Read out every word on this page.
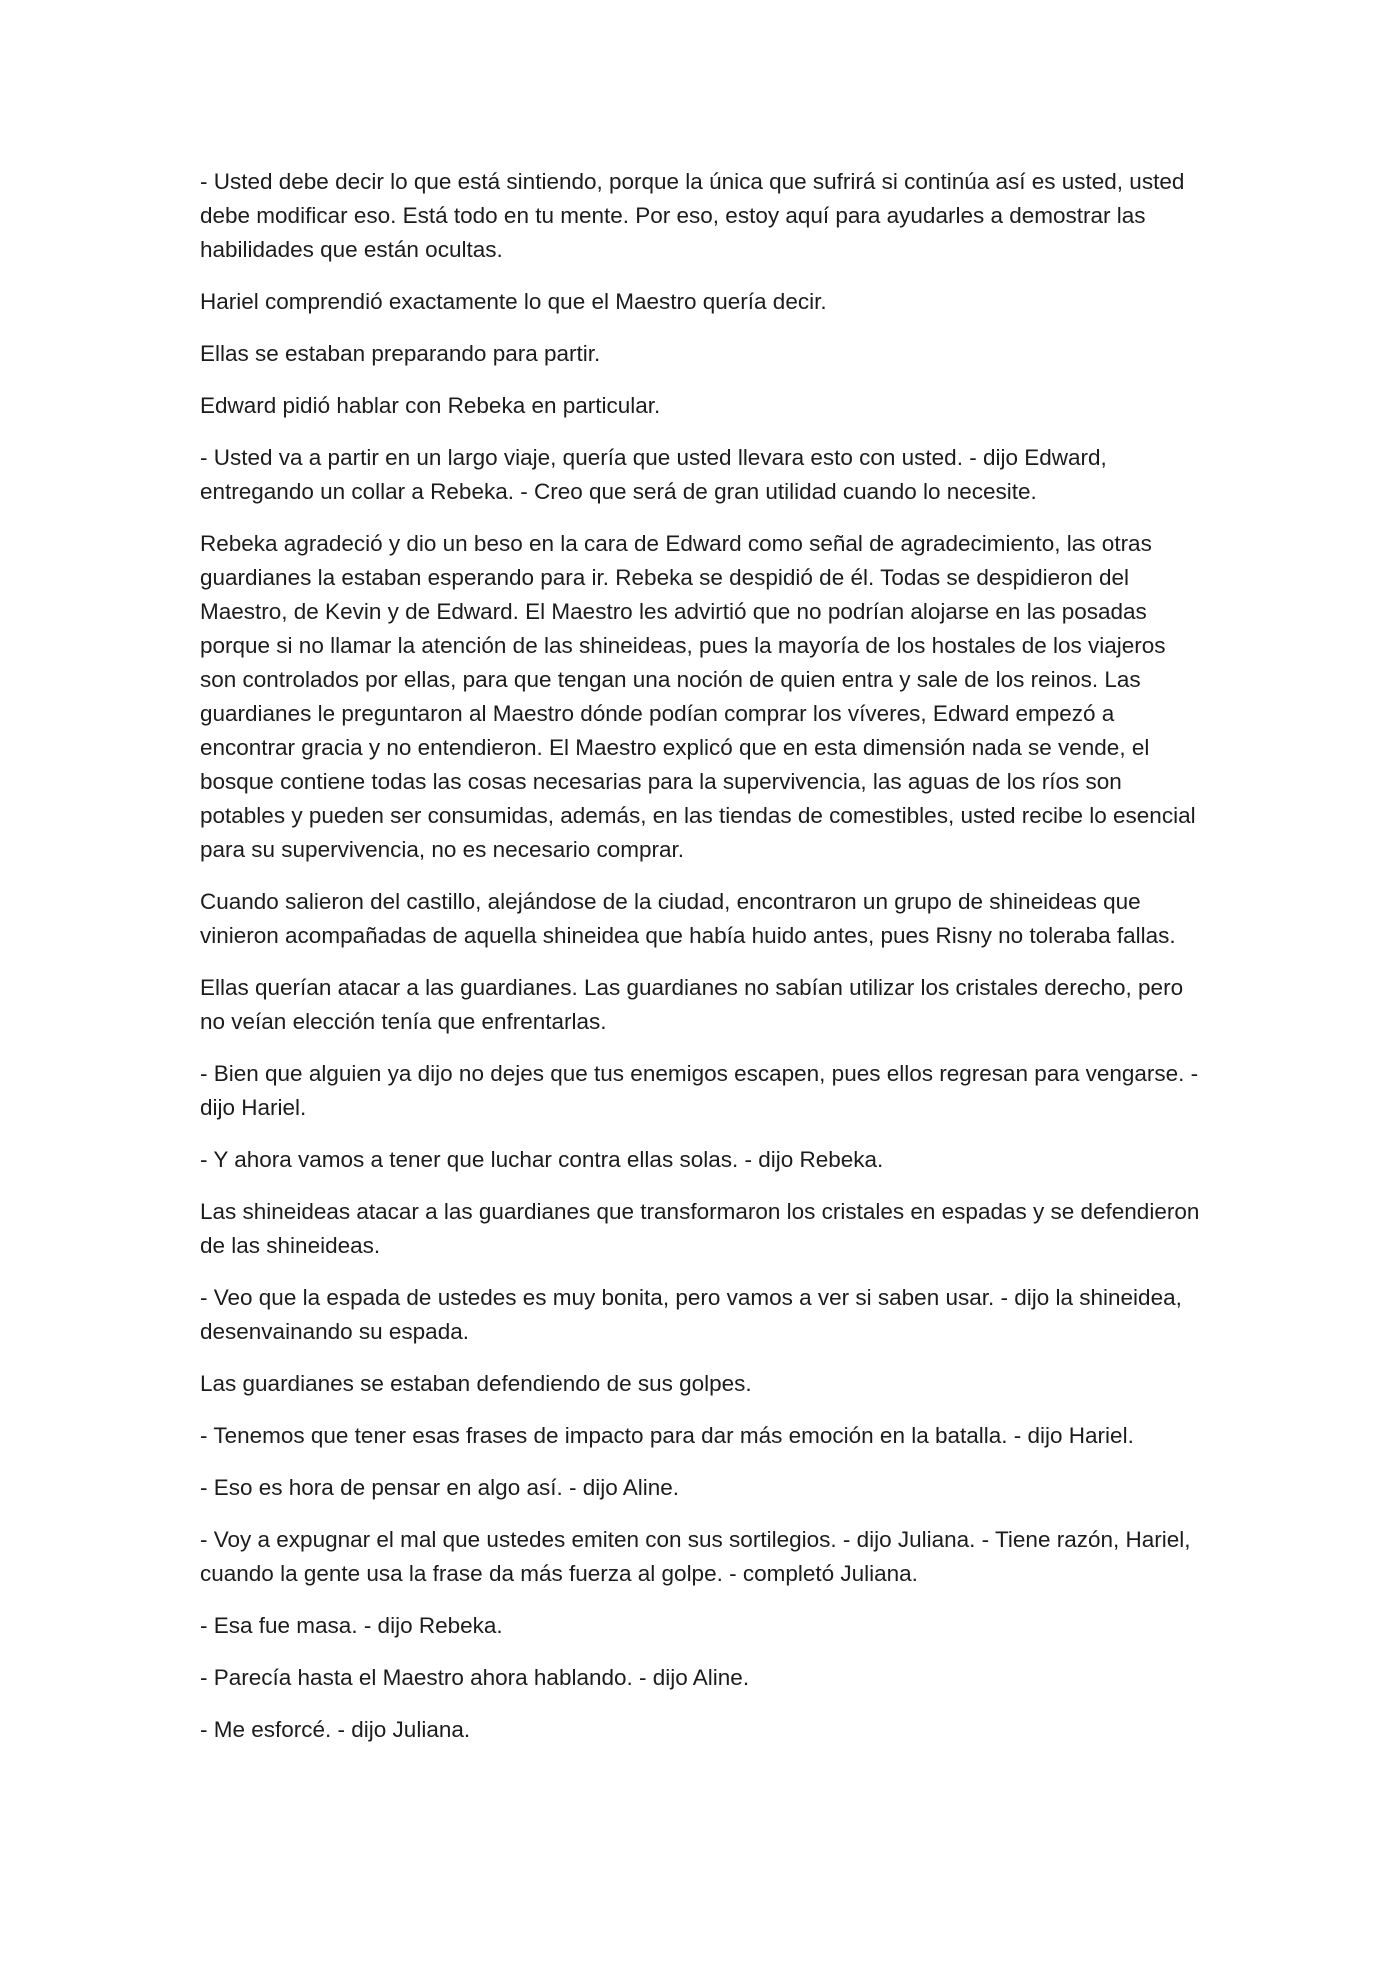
- Usted debe decir lo que está sintiendo, porque la única que sufrirá si continúa así es usted, usted debe modificar eso. Está todo en tu mente. Por eso, estoy aquí para ayudarles a demostrar las habilidades que están ocultas.

Hariel comprendió exactamente lo que el Maestro quería decir.

Ellas se estaban preparando para partir.

Edward pidió hablar con Rebeka en particular.

- Usted va a partir en un largo viaje, quería que usted llevara esto con usted. - dijo Edward, entregando un collar a Rebeka. - Creo que será de gran utilidad cuando lo necesite.

Rebeka agradeció y dio un beso en la cara de Edward como señal de agradecimiento, las otras guardianes la estaban esperando para ir. Rebeka se despidió de él. Todas se despidieron del Maestro, de Kevin y de Edward. El Maestro les advirtió que no podrían alojarse en las posadas porque si no llamar la atención de las shineideas, pues la mayoría de los hostales de los viajeros son controlados por ellas, para que tengan una noción de quien entra y sale de los reinos. Las guardianes le preguntaron al Maestro dónde podían comprar los víveres, Edward empezó a encontrar gracia y no entendieron. El Maestro explicó que en esta dimensión nada se vende, el bosque contiene todas las cosas necesarias para la supervivencia, las aguas de los ríos son potables y pueden ser consumidas, además, en las tiendas de comestibles, usted recibe lo esencial para su supervivencia, no es necesario comprar.

Cuando salieron del castillo, alejándose de la ciudad, encontraron un grupo de shineideas que vinieron acompañadas de aquella shineidea que había huido antes, pues Risny no toleraba fallas.

Ellas querían atacar a las guardianes. Las guardianes no sabían utilizar los cristales derecho, pero no veían elección tenía que enfrentarlas.

- Bien que alguien ya dijo no dejes que tus enemigos escapen, pues ellos regresan para vengarse. - dijo Hariel.

- Y ahora vamos a tener que luchar contra ellas solas. - dijo Rebeka.

Las shineideas atacar a las guardianes que transformaron los cristales en espadas y se defendieron de las shineideas.

- Veo que la espada de ustedes es muy bonita, pero vamos a ver si saben usar. - dijo la shineidea, desenvainando su espada.

Las guardianes se estaban defendiendo de sus golpes.

- Tenemos que tener esas frases de impacto para dar más emoción en la batalla. - dijo Hariel.

- Eso es hora de pensar en algo así. - dijo Aline.

- Voy a expugnar el mal que ustedes emiten con sus sortilegios. - dijo Juliana. - Tiene razón, Hariel, cuando la gente usa la frase da más fuerza al golpe. - completó Juliana.

- Esa fue masa. - dijo Rebeka.

- Parecía hasta el Maestro ahora hablando. - dijo Aline.

- Me esforcé. - dijo Juliana.
